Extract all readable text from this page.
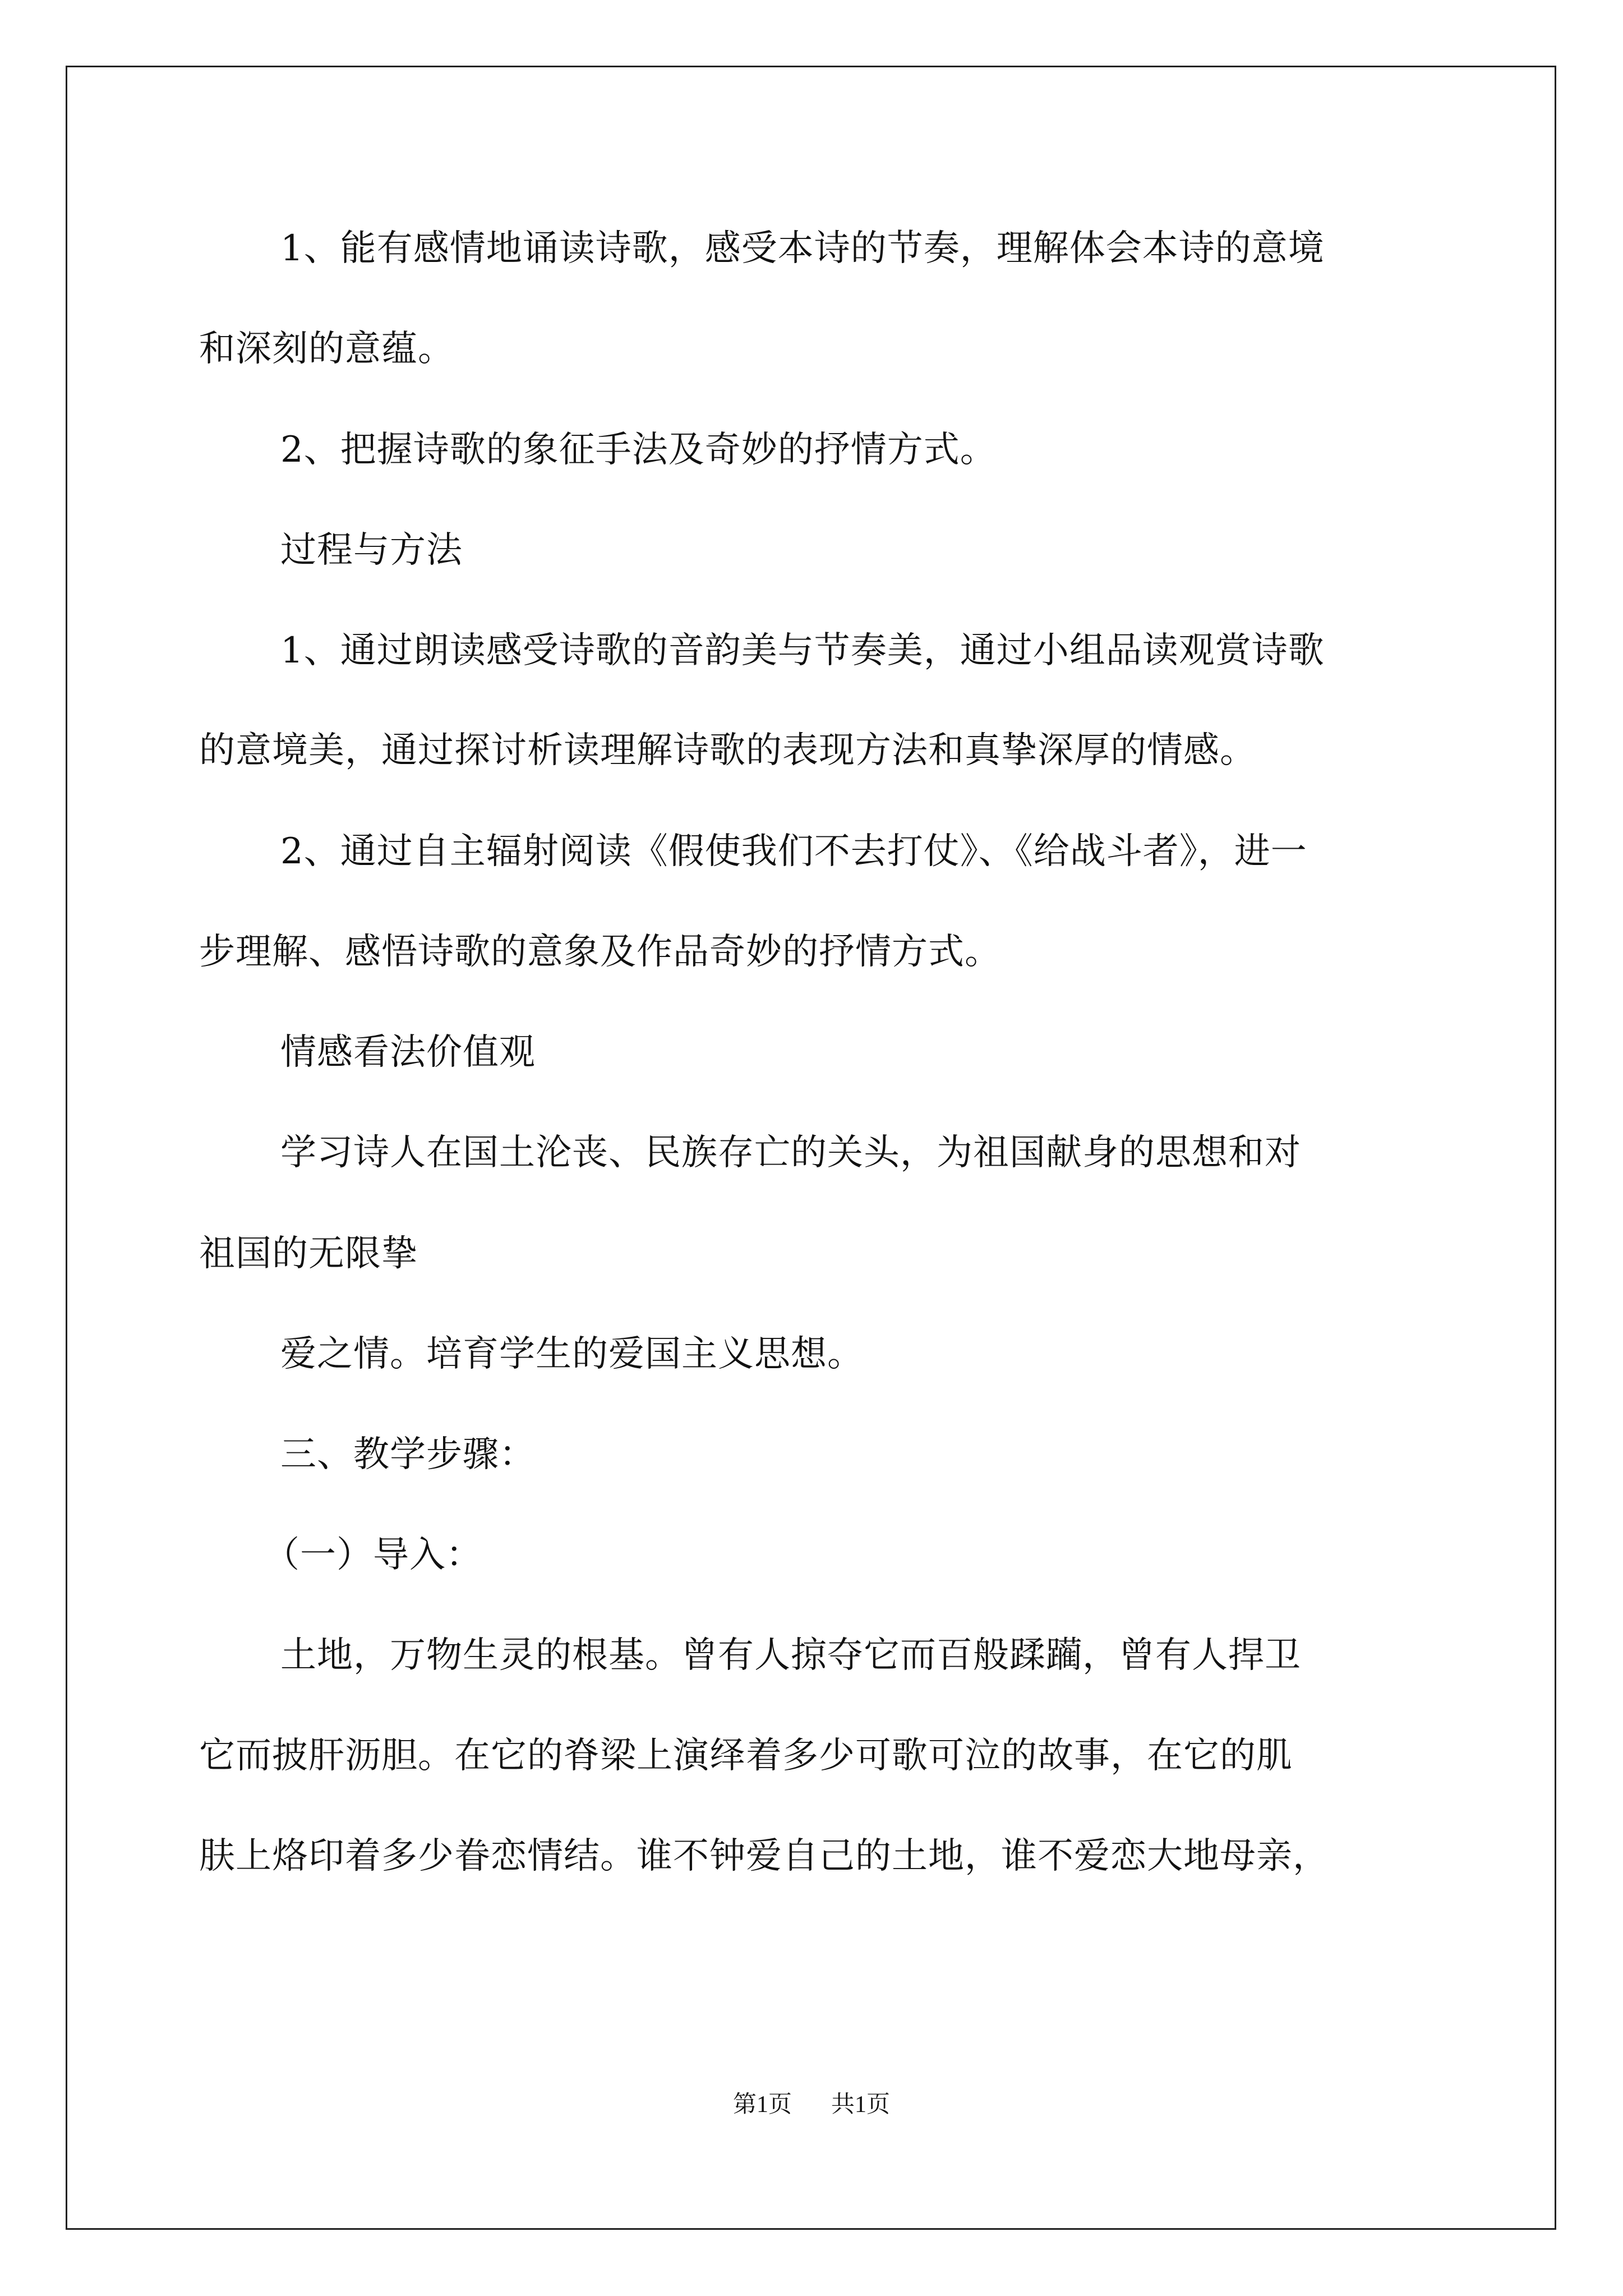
1、能有感情地诵读诗歌，感受本诗的节奏，理解体会本诗的意境
和深刻的意蕴。
2、把握诗歌的象征手法及奇妙的抒情方式。
过程与方法
1、通过朗读感受诗歌的音韵美与节奏美，通过小组品读观赏诗歌
的意境美，通过探讨析读理解诗歌的表现方法和真挚深厚的情感。
2、通过自主辐射阅读《假使我们不去打仗》、《给战斗者》，进一
步理解、感悟诗歌的意象及作品奇妙的抒情方式。
情感看法价值观
学习诗人在国土沦丧、民族存亡的关头，为祖国献身的思想和对
祖国的无限挚
爱之情。培育学生的爱国主义思想。
三、教学步骤：
（一）导入：
土地，万物生灵的根基。曾有人掠夺它而百般蹂躏，曾有人捍卫
它而披肝沥胆。在它的脊梁上演绎着多少可歌可泣的故事，在它的肌
肤上烙印着多少眷恋情结。谁不钟爱自己的土地，谁不爱恋大地母亲，
第1页 共1页
